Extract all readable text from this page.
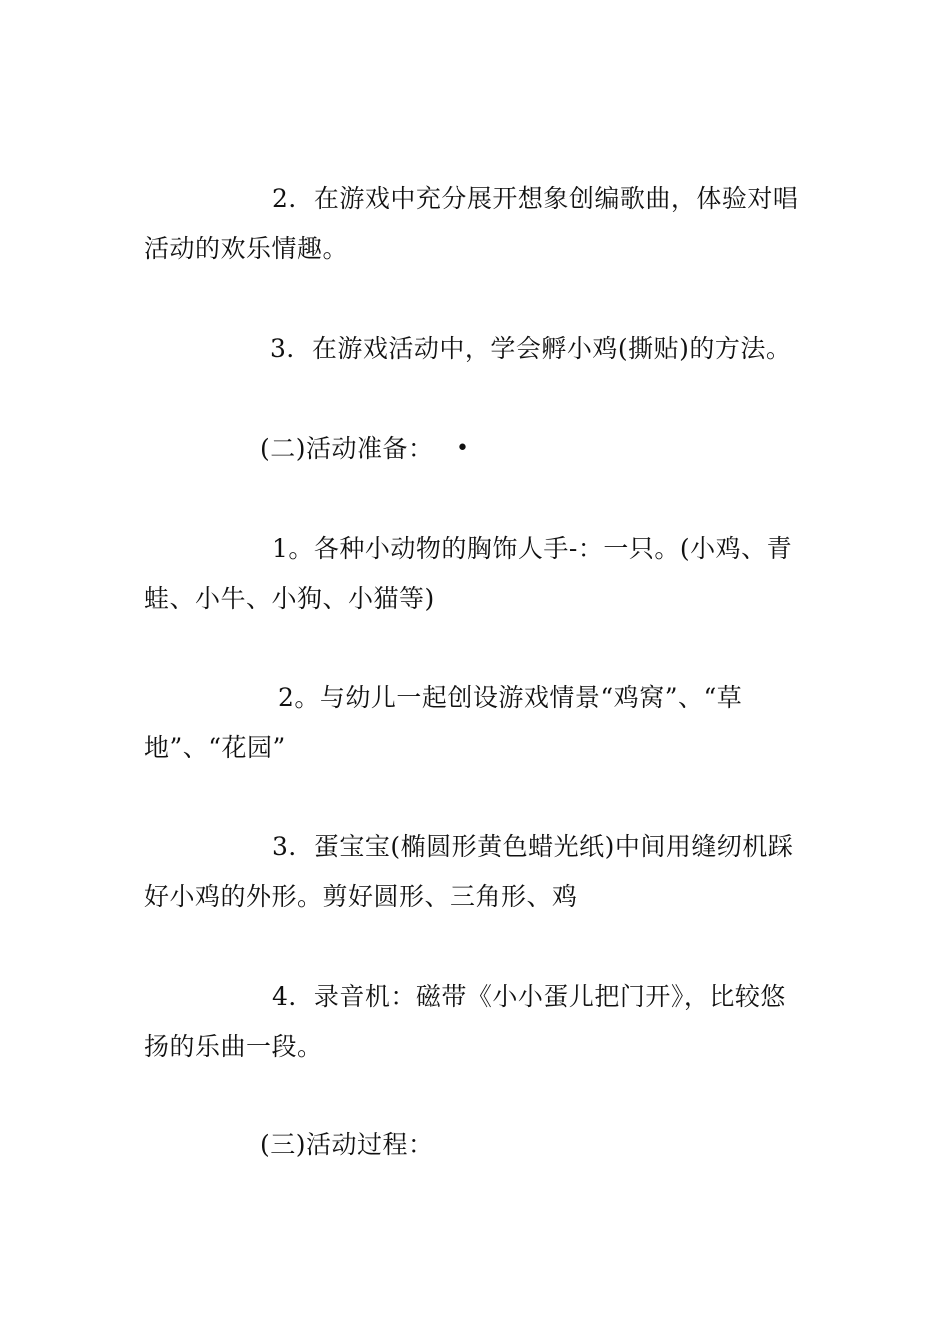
2．在游戏中充分展开想象创编歌曲，体验对唱
活动的欢乐情趣。
3．在游戏活动中，学会孵小鸡(撕贴)的方法。
(二)活动准备： •
1。各种小动物的胸饰人手-：一只。(小鸡、青
蛙、小牛、小狗、小猫等)
2。与幼儿一起创设游戏情景“鸡窝”、“草
地”、“花园”
3．蛋宝宝(椭圆形黄色蜡光纸)中间用缝纫机踩
好小鸡的外形。剪好圆形、三角形、鸡
4．录音机：磁带《小小蛋儿把门开》，比较悠
扬的乐曲一段。
(三)活动过程：
